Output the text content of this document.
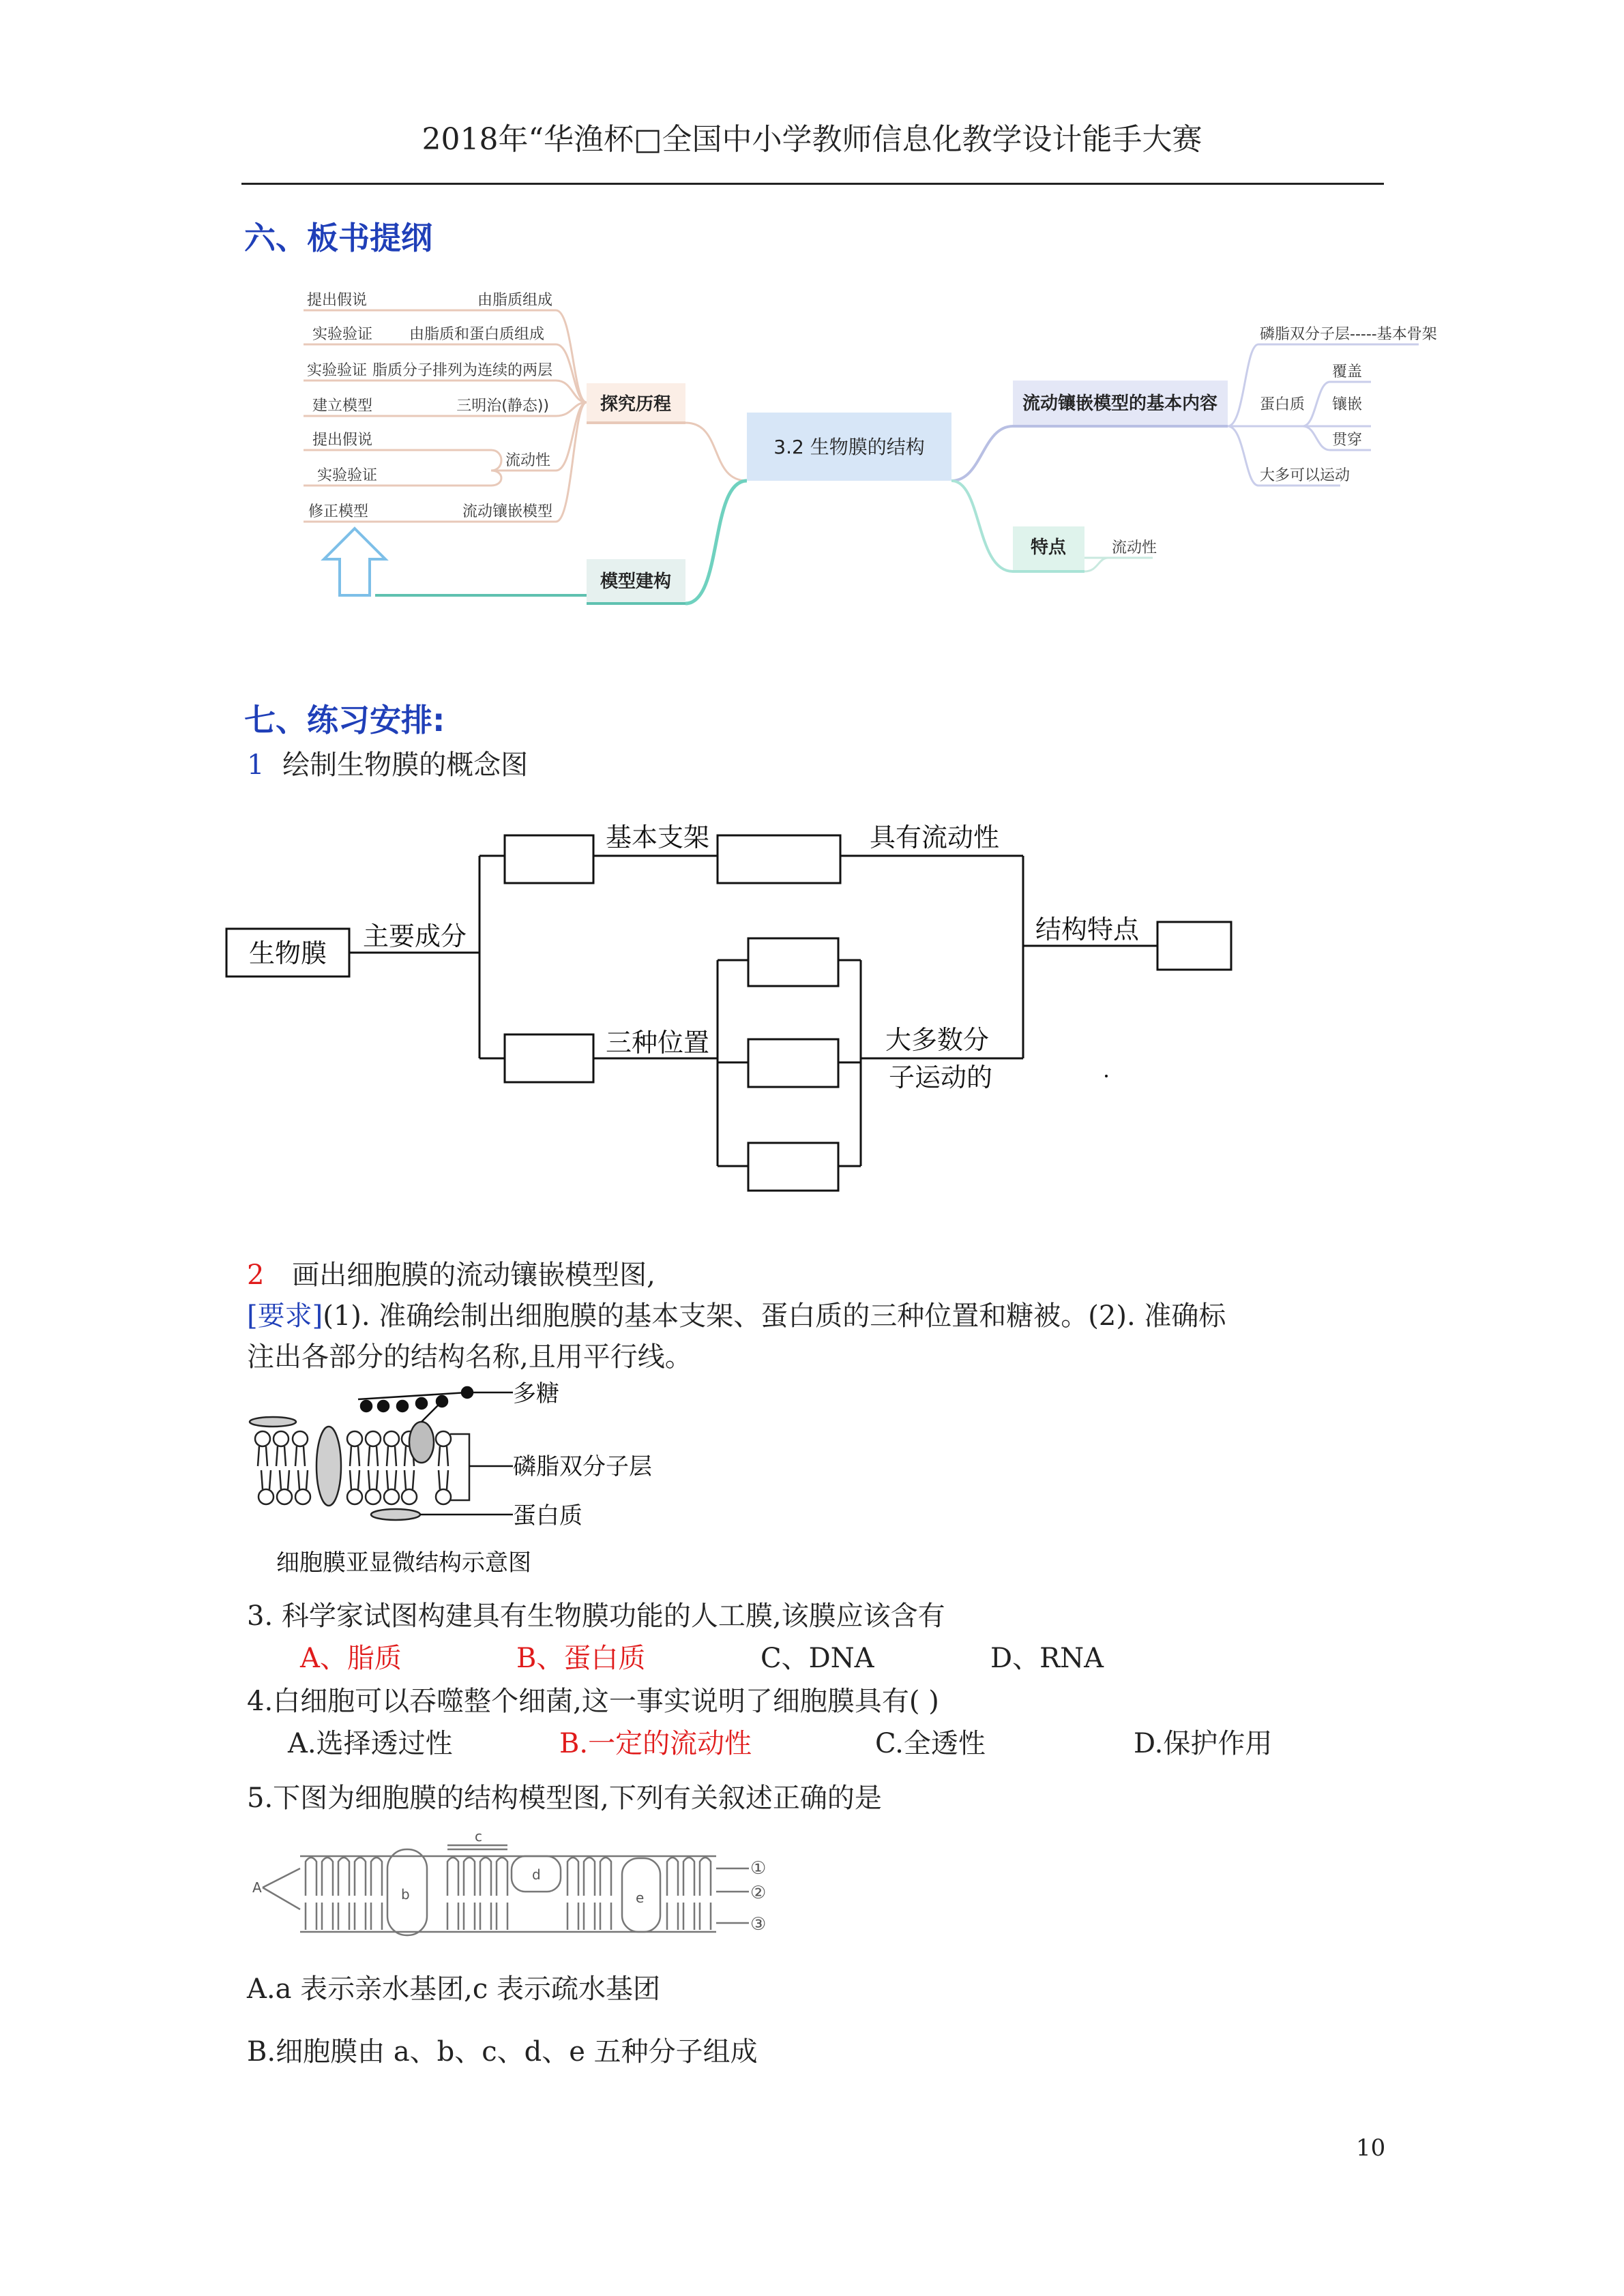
2018年“华渔杯□全国中小学教师信息化教学设计能手大赛
六、板书提纲
提出假说	由脂质组成
实验验证 由脂质和蛋白质组成
实验验证 脂质分子排列为连续的两层
建立模型	三明治(静态))
提出假说
实验验证
修正模型	流动镶嵌模型
流动性
磷脂双分子层-----基本骨架
蛋白质
覆盖
镶嵌
贯穿
大多可以运动
流动性
探究历程
模型建构
流动镶嵌模型的基本内容
特点
3.2 生物膜的结构
七、练习安排:
1 绘制生物膜的概念图
生物膜
主要成分
基本支架	具有流动性
结构特点
三种位置	大多数分
子运动的
2 画出细胞膜的流动镶嵌模型图,
[要求](1). 准确绘制出细胞膜的基本支架、蛋白质的三种位置和糖被。(2). 准确标
注出各部分的结构名称,且用平行线。
多糖
磷脂双分子层
蛋白质
细胞膜亚显微结构示意图
3. 科学家试图构建具有生物膜功能的人工膜,该膜应该含有
A、脂质	B、蛋白质	C、DNA	D、RNA
4.白细胞可以吞噬整个细菌,这一事实说明了细胞膜具有( )
A.选择透过性	B.一定的流动性	C.全透性	D.保护作用
5.下图为细胞膜的结构模型图,下列有关叙述正确的是
A	b
c
d
e
①
②
③
A.a 表示亲水基团,c 表示疏水基团
B.细胞膜由 a、b、c、d、e 五种分子组成
10
